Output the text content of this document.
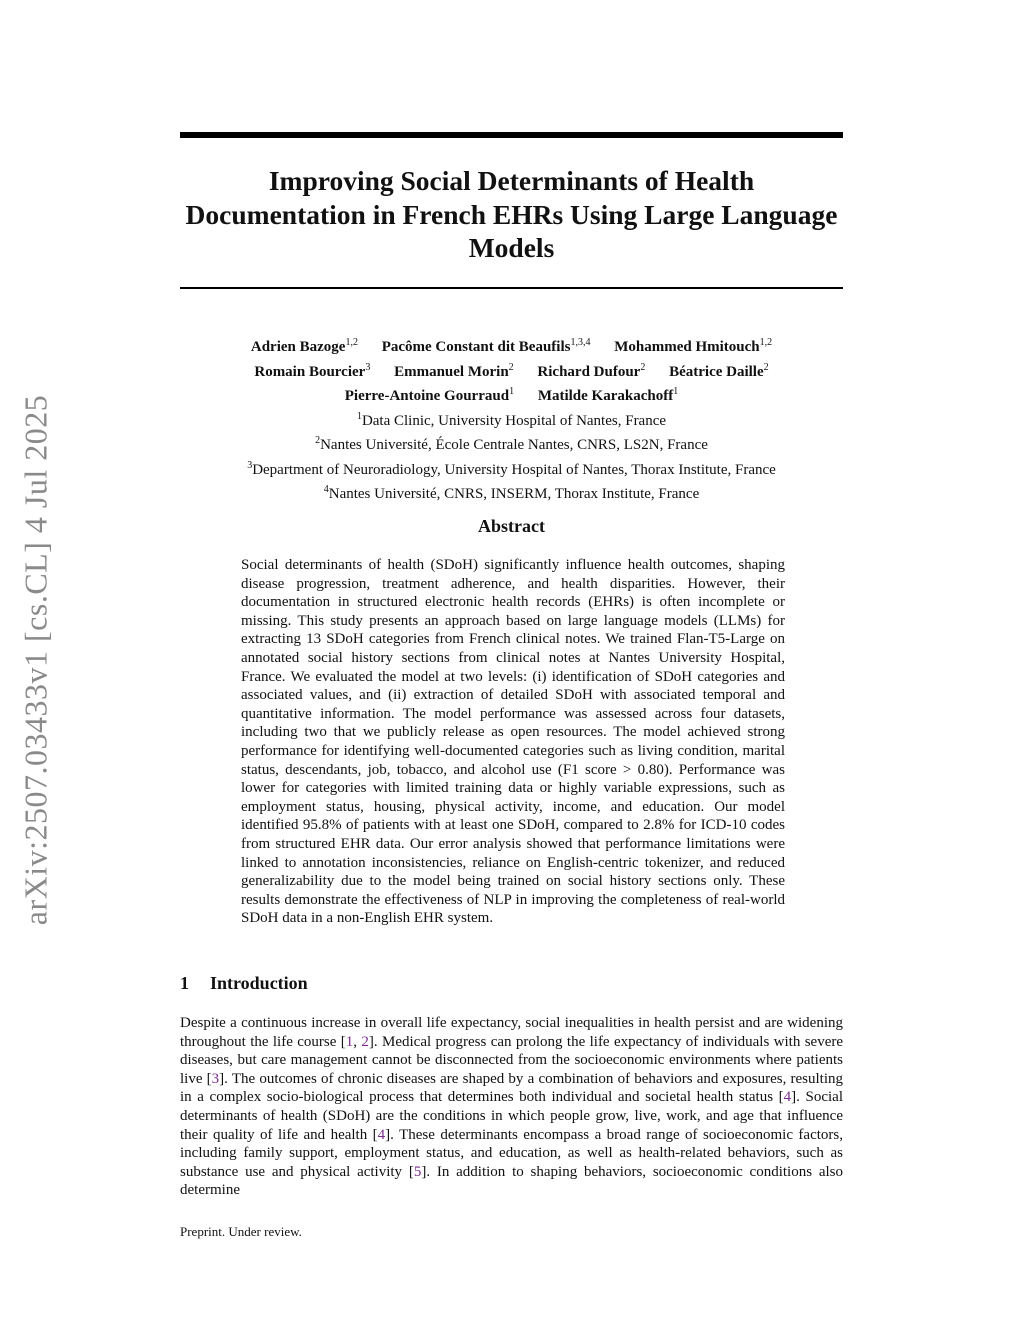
arXiv:2507.03433v1 [cs.CL] 4 Jul 2025
Improving Social Determinants of Health Documentation in French EHRs Using Large Language Models
Adrien Bazoge$^{1,2}$ Pacôme Constant dit Beaufils$^{1,3,4}$ Mohammed Hmitouch$^{1,2}$
Romain Bourcier$^3$ Emmanuel Morin$^2$ Richard Dufour$^2$ Béatrice Daille$^2$
Pierre-Antoine Gourraud$^1$ Matilde Karakachoff$^1$
$^1$Data Clinic, University Hospital of Nantes, France
$^2$Nantes Université, École Centrale Nantes, CNRS, LS2N, France
$^3$Department of Neuroradiology, University Hospital of Nantes, Thorax Institute, France
$^4$Nantes Université, CNRS, INSERM, Thorax Institute, France
Abstract

Social determinants of health (SDoH) significantly influence health outcomes, shaping disease progression, treatment adherence, and health disparities. However, their documentation in structured electronic health records (EHRs) is often incomplete or missing. This study presents an approach based on large language models (LLMs) for extracting 13 SDoH categories from French clinical notes. We trained Flan-T5-Large on annotated social history sections from clinical notes at Nantes University Hospital, France. We evaluated the model at two levels: (i) identification of SDoH categories and associated values, and (ii) extraction of detailed SDoH with associated temporal and quantitative information. The model performance was assessed across four datasets, including two that we publicly release as open resources. The model achieved strong performance for identifying well-documented categories such as living condition, marital status, descendants, job, tobacco, and alcohol use (F1 score > 0.80). Performance was lower for categories with limited training data or highly variable expressions, such as employment status, housing, physical activity, income, and education. Our model identified 95.8% of patients with at least one SDoH, compared to 2.8% for ICD-10 codes from structured EHR data. Our error analysis showed that performance limitations were linked to annotation inconsistencies, reliance on English-centric tokenizer, and reduced generalizability due to the model being trained on social history sections only. These results demonstrate the effectiveness of NLP in improving the completeness of real-world SDoH data in a non-English EHR system.

1 Introduction

Despite a continuous increase in overall life expectancy, social inequalities in health persist and are widening throughout the life course [1, 2]. Medical progress can prolong the life expectancy of individuals with severe diseases, but care management cannot be disconnected from the socioeconomic environments where patients live [3]. The outcomes of chronic diseases are shaped by a combination of behaviors and exposures, resulting in a complex socio-biological process that determines both individual and societal health status [4]. Social determinants of health (SDoH) are the conditions in which people grow, live, work, and age that influence their quality of life and health [4]. These determinants encompass a broad range of socioeconomic factors, including family support, employment status, and education, as well as health-related behaviors, such as substance use and physical activity [5]. In addition to shaping behaviors, socioeconomic conditions also determine

Preprint. Under review.
